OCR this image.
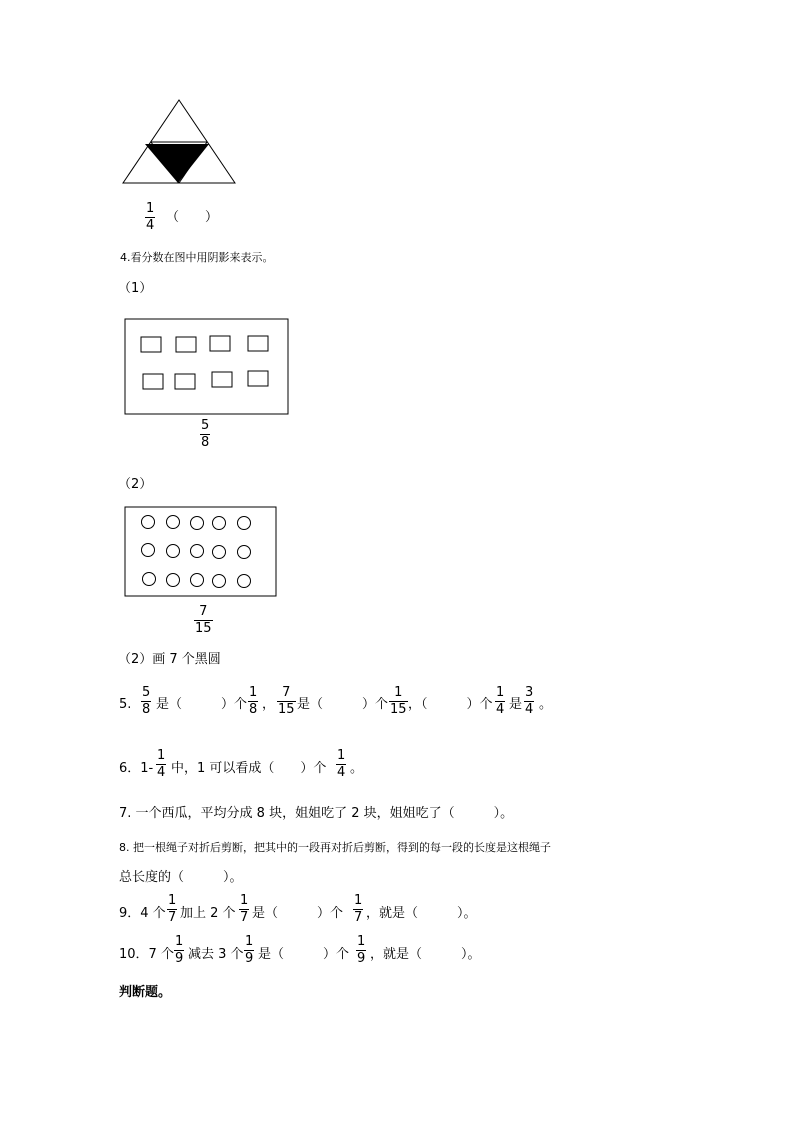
1
4
（　　）
4.看分数在图中用阴影来表示。
（1）
5
8
（2）
7
15
（2）画 7 个黑圆
5.
5
8 是（　　　）个
1
8 ，
7
15 是（　　　）个
1
15 ，（　　　）个
1
4 是
3
4 。
6．1-
1
4 中，1 可以看成（　　）个
1
4 。
7. 一个西瓜，平均分成 8 块，姐姐吃了 2 块，姐姐吃了（　　　）。
8. 把一根绳子对折后剪断，把其中的一段再对折后剪断，得到的每一段的长度是这根绳子
总长度的（　　　）。
9．4 个
1
7 加上 2 个
1
7 是（　　　）个
1
7 ，就是（　　　）。
10．7 个
1
9 减去 3 个
1
9 是（　　　）个
1
9 ，就是（　　　）。
判断题。
